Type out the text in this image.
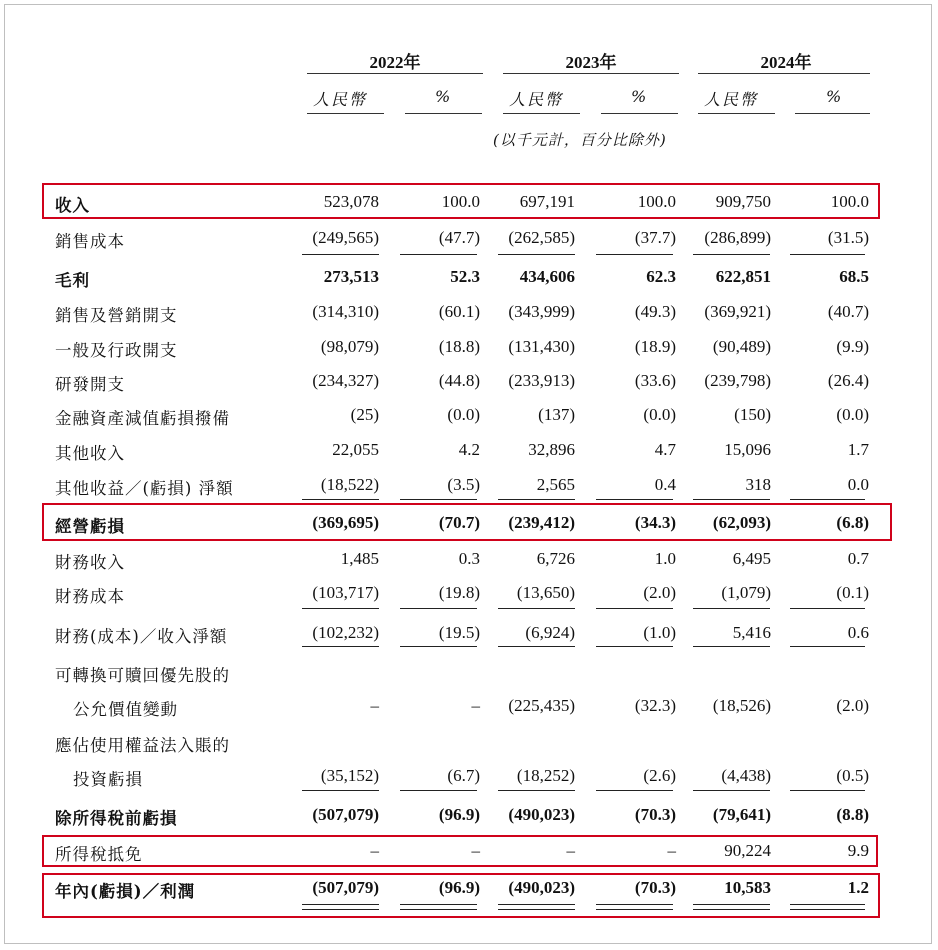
2022年	2023年	2024年
人民幣	%	人民幣	%	人民幣	%
(以千元計，百分比除外)
收入	523,078	100.0 697,191	100.0 909,750	100.0
銷售成本	(249,565)	(47.7) (262,585)	(37.7) (286,899)	(31.5)
毛利	273,513	52.3 434,606	62.3 622,851	68.5
銷售及營銷開支	(314,310)	(60.1) (343,999)	(49.3) (369,921)	(40.7)
一般及行政開支	(98,079)	(18.8) (131,430)	(18.9) (90,489)	(9.9)
研發開支	(234,327)	(44.8) (233,913)	(33.6) (239,798)	(26.4)
金融資產減值虧損撥備	(25)	(0.0)	(137)	(0.0)	(150)	(0.0)
其他收入	22,055	4.2	32,896	4.7	15,096	1.7
其他收益／(虧損) 淨額	(18,522)	(3.5)	2,565	0.4	318	0.0
經營虧損	(369,695)	(70.7) (239,412)	(34.3) (62,093)	(6.8)
財務收入	1,485	0.3	6,726	1.0	6,495	0.7
財務成本	(103,717)	(19.8) (13,650)	(2.0)	(1,079)	(0.1)
財務(成本)／收入淨額	(102,232)	(19.5)	(6,924)	(1.0)	5,416	0.6
可轉換可贖回優先股的
公允價值變動	–	– (225,435)	(32.3) (18,526)	(2.0)
應佔使用權益法入賬的
投資虧損	(35,152)	(6.7) (18,252)	(2.6)	(4,438)	(0.5)
除所得稅前虧損	(507,079)	(96.9) (490,023)	(70.3) (79,641)	(8.8)
所得稅抵免	–	–	–	–	90,224	9.9
年內(虧損)／利潤	(507,079)	(96.9) (490,023)	(70.3)	10,583	1.2
